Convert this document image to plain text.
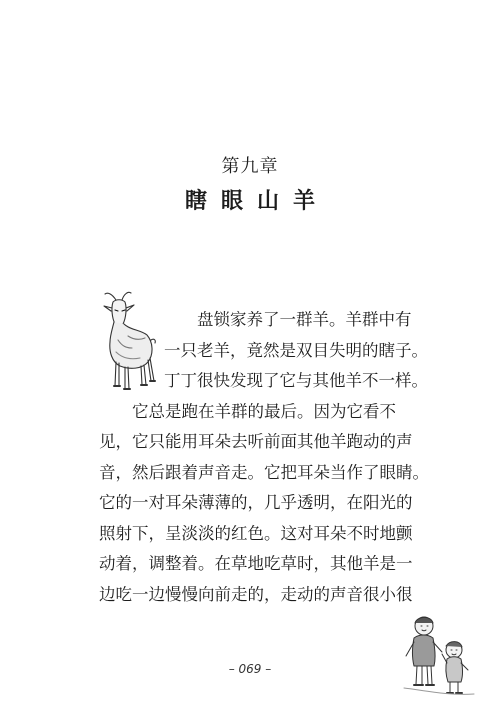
第九章
瞎眼山羊
盘锁家养了一群羊。羊群中有
一只老羊，竟然是双目失明的瞎子。
丁丁很快发现了它与其他羊不一样。
它总是跑在羊群的最后。因为它看不
见，它只能用耳朵去听前面其他羊跑动的声
音，然后跟着声音走。它把耳朵当作了眼睛。
它的一对耳朵薄薄的，几乎透明，在阳光的
照射下，呈淡淡的红色。这对耳朵不时地颤
动着，调整着。在草地吃草时，其他羊是一
边吃一边慢慢向前走的，走动的声音很小很
– 069 –
